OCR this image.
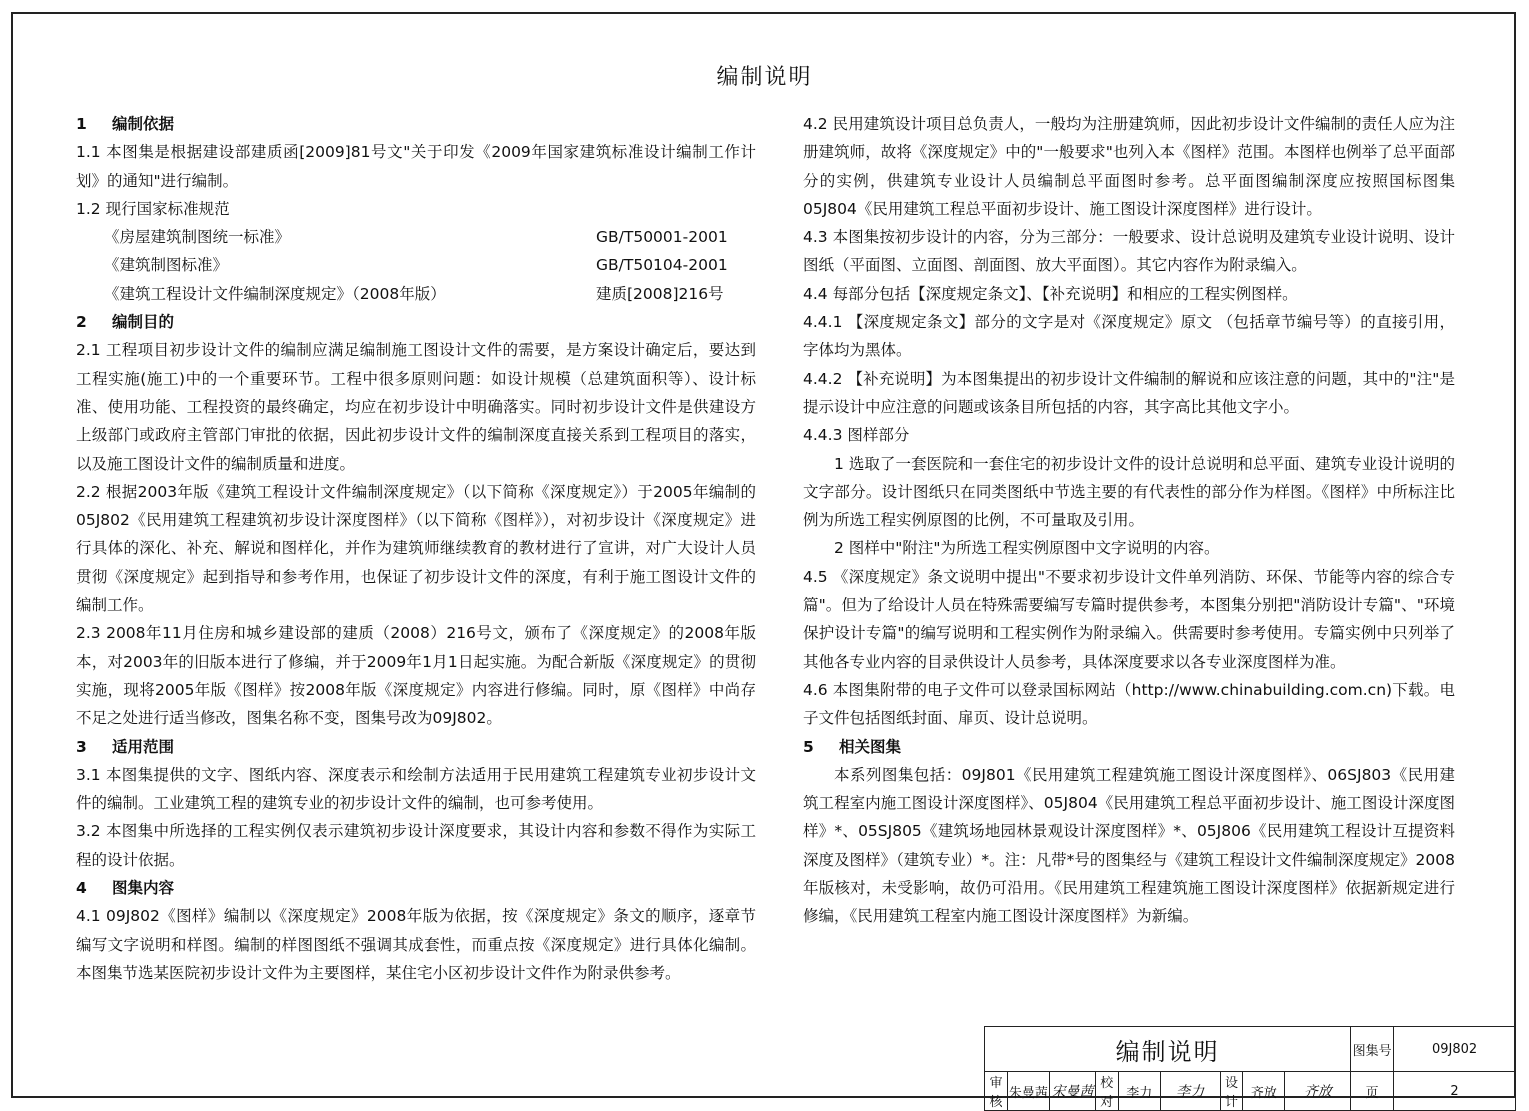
编制说明
1 编制依据

1.1 本图集是根据建设部建质函[2009]81号文"关于印发《2009年国家建筑标准设计编制工作计划》的通知"进行编制。

1.2 现行国家标准规范

《房屋建筑制图统一标准》	GB/T50001-2001
《建筑制图标准》	GB/T50104-2001
《建筑工程设计文件编制深度规定》（2008年版）	建质[2008]216号
2 编制目的

2.1 工程项目初步设计文件的编制应满足编制施工图设计文件的需要，是方案设计确定后，要达到工程实施(施工)中的一个重要环节。工程中很多原则问题：如设计规模（总建筑面积等）、设计标准、使用功能、工程投资的最终确定，均应在初步设计中明确落实。同时初步设计文件是供建设方上级部门或政府主管部门审批的依据，因此初步设计文件的编制深度直接关系到工程项目的落实，以及施工图设计文件的编制质量和进度。

2.2 根据2003年版《建筑工程设计文件编制深度规定》（以下简称《深度规定》）于2005年编制的05J802《民用建筑工程建筑初步设计深度图样》（以下简称《图样》），对初步设计《深度规定》进行具体的深化、补充、解说和图样化，并作为建筑师继续教育的教材进行了宣讲，对广大设计人员贯彻《深度规定》起到指导和参考作用，也保证了初步设计文件的深度，有利于施工图设计文件的编制工作。

2.3 2008年11月住房和城乡建设部的建质（2008）216号文，颁布了《深度规定》的2008年版本，对2003年的旧版本进行了修编，并于2009年1月1日起实施。为配合新版《深度规定》的贯彻实施，现将2005年版《图样》按2008年版《深度规定》内容进行修编。同时，原《图样》中尚存不足之处进行适当修改，图集名称不变，图集号改为09J802。

3 适用范围

3.1 本图集提供的文字、图纸内容、深度表示和绘制方法适用于民用建筑工程建筑专业初步设计文件的编制。工业建筑工程的建筑专业的初步设计文件的编制，也可参考使用。

3.2 本图集中所选择的工程实例仅表示建筑初步设计深度要求，其设计内容和参数不得作为实际工程的设计依据。

4 图集内容

4.1 09J802《图样》编制以《深度规定》2008年版为依据，按《深度规定》条文的顺序，逐章节编写文字说明和样图。编制的样图图纸不强调其成套性，而重点按《深度规定》进行具体化编制。本图集节选某医院初步设计文件为主要图样，某住宅小区初步设计文件作为附录供参考。

4.2 民用建筑设计项目总负责人，一般均为注册建筑师，因此初步设计文件编制的责任人应为注册建筑师，故将《深度规定》中的"一般要求"也列入本《图样》范围。本图样也例举了总平面部分的实例，供建筑专业设计人员编制总平面图时参考。总平面图编制深度应按照国标图集05J804《民用建筑工程总平面初步设计、施工图设计深度图样》进行设计。

4.3 本图集按初步设计的内容，分为三部分：一般要求、设计总说明及建筑专业设计说明、设计图纸（平面图、立面图、剖面图、放大平面图）。其它内容作为附录编入。

4.4 每部分包括【深度规定条文】、【补充说明】和相应的工程实例图样。

4.4.1 【深度规定条文】部分的文字是对《深度规定》原文 （包括章节编号等）的直接引用，字体均为黑体。

4.4.2 【补充说明】为本图集提出的初步设计文件编制的解说和应该注意的问题，其中的"注"是提示设计中应注意的问题或该条目所包括的内容，其字高比其他文字小。

4.4.3 图样部分

1 选取了一套医院和一套住宅的初步设计文件的设计总说明和总平面、建筑专业设计说明的文字部分。设计图纸只在同类图纸中节选主要的有代表性的部分作为样图。《图样》中所标注比例为所选工程实例原图的比例，不可量取及引用。

2 图样中"附注"为所选工程实例原图中文字说明的内容。

4.5 《深度规定》条文说明中提出"不要求初步设计文件单列消防、环保、节能等内容的综合专篇"。但为了给设计人员在特殊需要编写专篇时提供参考，本图集分别把"消防设计专篇"、"环境保护设计专篇"的编写说明和工程实例作为附录编入。供需要时参考使用。专篇实例中只列举了其他各专业内容的目录供设计人员参考，具体深度要求以各专业深度图样为准。

4.6 本图集附带的电子文件可以登录国标网站（http://www.chinabuilding.com.cn)下载。电子文件包括图纸封面、扉页、设计总说明。

5 相关图集

本系列图集包括：09J801《民用建筑工程建筑施工图设计深度图样》、06SJ803《民用建筑工程室内施工图设计深度图样》、05J804《民用建筑工程总平面初步设计、施工图设计深度图样》*、05SJ805《建筑场地园林景观设计深度图样》*、05J806《民用建筑工程设计互提资料深度及图样》（建筑专业）*。注：凡带*号的图集经与《建筑工程设计文件编制深度规定》2008年版核对，未受影响，故仍可沿用。《民用建筑工程建筑施工图设计深度图样》依据新规定进行修编，《民用建筑工程室内施工图设计深度图样》为新编。

编制说明									图集号	09J802
审核	朱曼茜	宋曼茜	校对	李力	李力	设计	齐放	齐放	页	2
